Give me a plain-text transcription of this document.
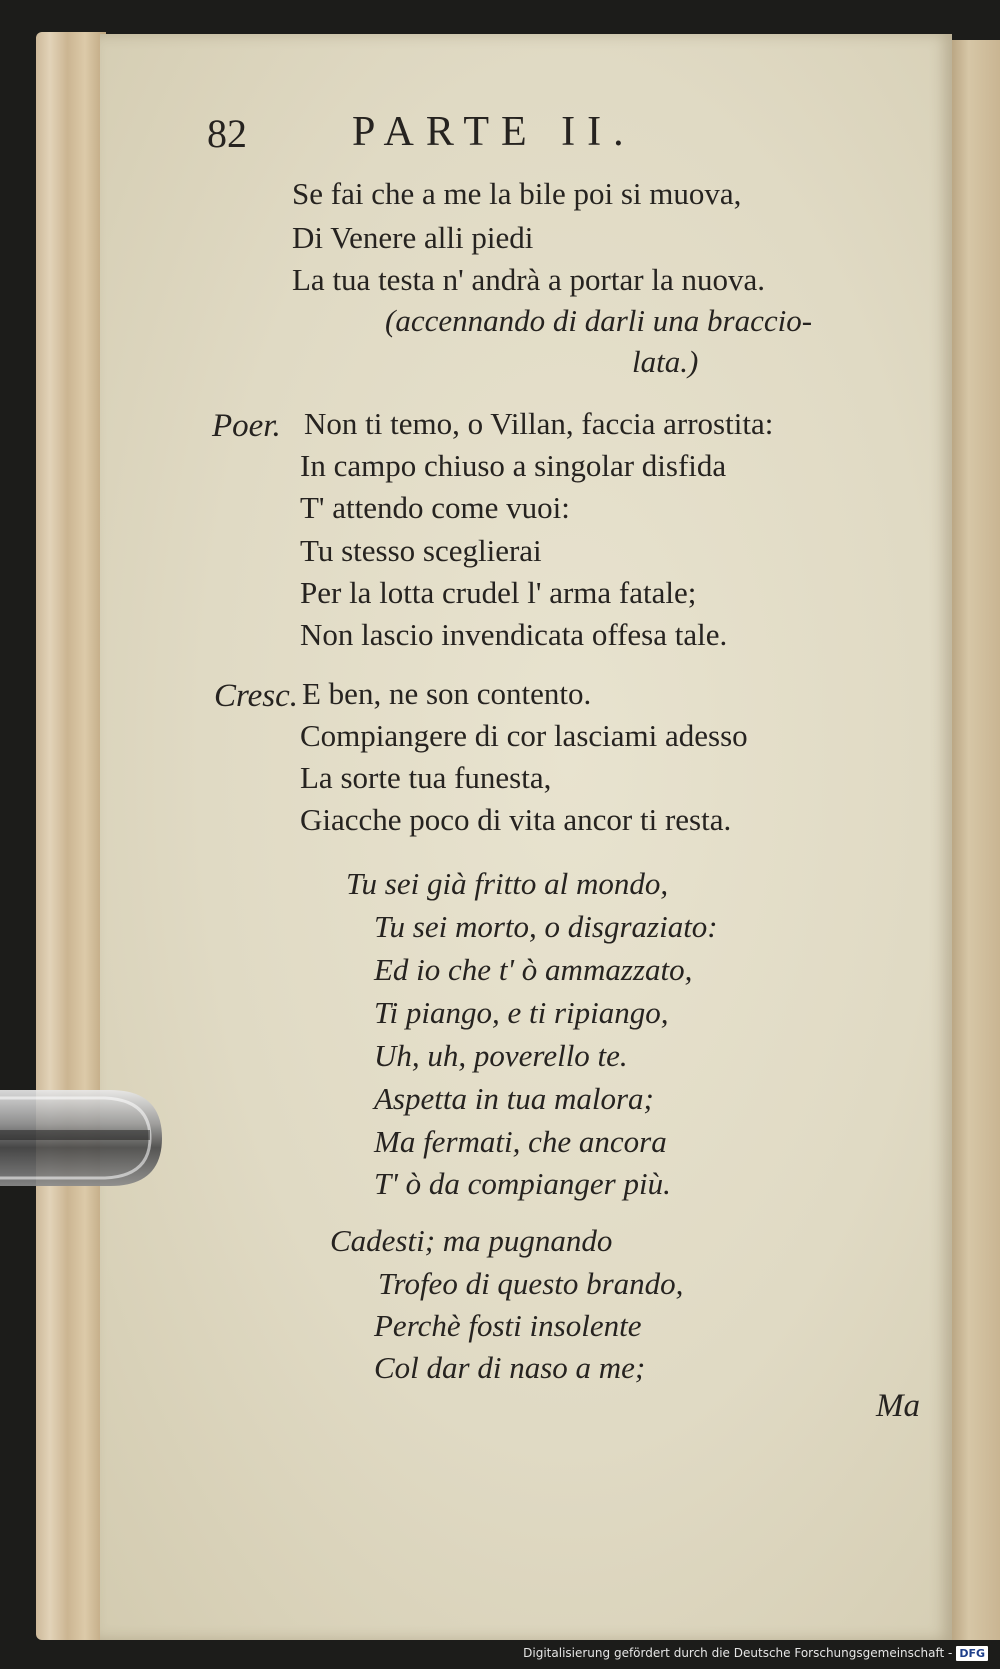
82	PARTE II.
Se fai che a me la bile poi si muova,
Di Venere alli piedi
La tua testa n' andrà a portar la nuova.
(accennando di darli una braccio-
lata.)
Poer. Non ti temo, o Villan, faccia arrostita:
In campo chiuso a singolar disfida
T' attendo come vuoi:
Tu stesso sceglierai
Per la lotta crudel l' arma fatale;
Non lascio invendicata offesa tale.
Cresc. E ben, ne son contento.
Compiangere di cor lasciami adesso
La sorte tua funesta,
Giacche poco di vita ancor ti resta.
Tu sei già fritto al mondo,
Tu sei morto, o disgraziato:
Ed io che t' ò ammazzato,
Ti piango, e ti ripiango,
Uh, uh, poverello te.
Aspetta in tua malora;
Ma fermati, che ancora
T' ò da compianger più.
Cadesti; ma pugnando
Trofeo di questo brando,
Perchè fosti insolente
Col dar di naso a me;
Ma
Digitalisierung gefördert durch die Deutsche Forschungsgemeinschaft - DFG
